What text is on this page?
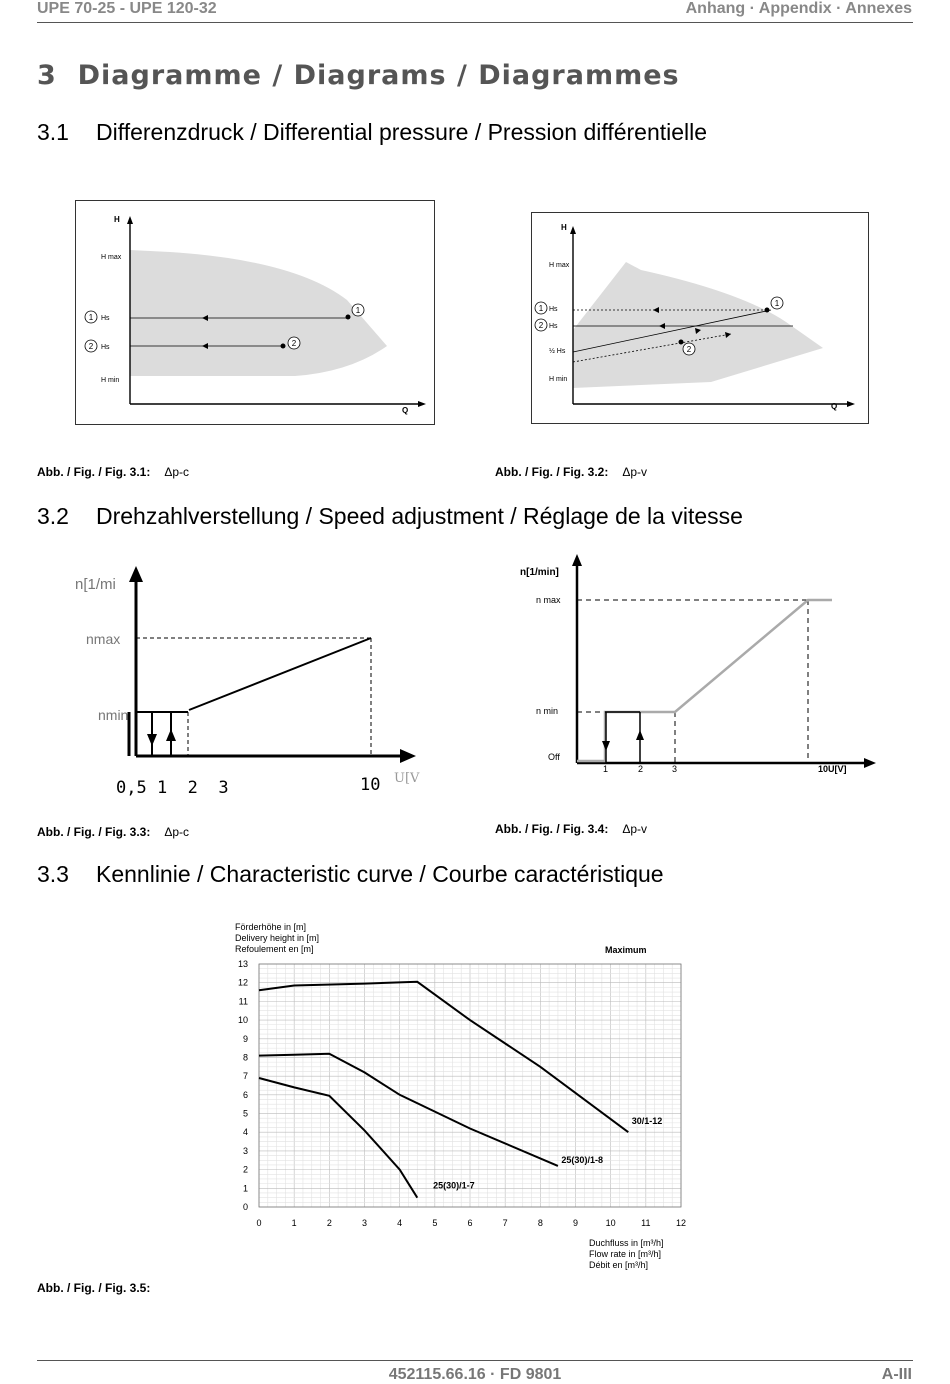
UPE 70-25 - UPE 120-32	Anhang · Appendix · Annexes
3 Diagramme / Diagrams / Diagrammes
3.1 Differenzdruck / Differential pressure / Pression différentielle
1
2
1
2
H
H max
Hs
Hs
H min
Q
1
2
1
2
H
H max
Hs
Hs
½ Hs
H min
Q
Abb. / Fig. / Fig. 3.1: Δp-c	Abb. / Fig. / Fig. 3.2: Δp-v
3.2 Drehzahlverstellung / Speed adjustment / Réglage de la vitesse
n[1/mi
nmax
nmin
0,5 1  2  3	10 U[V
n[1/min]
n max
n min
Off
1	2	3	10U[V]
Abb. / Fig. / Fig. 3.3: Δp-c	Abb. / Fig. / Fig. 3.4: Δp-v
3.3 Kennlinie / Characteristic curve / Courbe caractéristique
0	1	2	3	4	5	6	7	8	9	10	11	12
0
1
2
3
4
5
6
7
8
9
10
11
12
13
Förderhöhe in [m]
Delivery height in [m]
Refoulement en [m]
Duchfluss in [m³/h]
Flow rate in [m³/h]
Débit en [m³/h]
Maximum
30/1-12
25(30)/1-8
25(30)/1-7
Abb. / Fig. / Fig. 3.5:
452115.66.16 · FD 9801	A-III
